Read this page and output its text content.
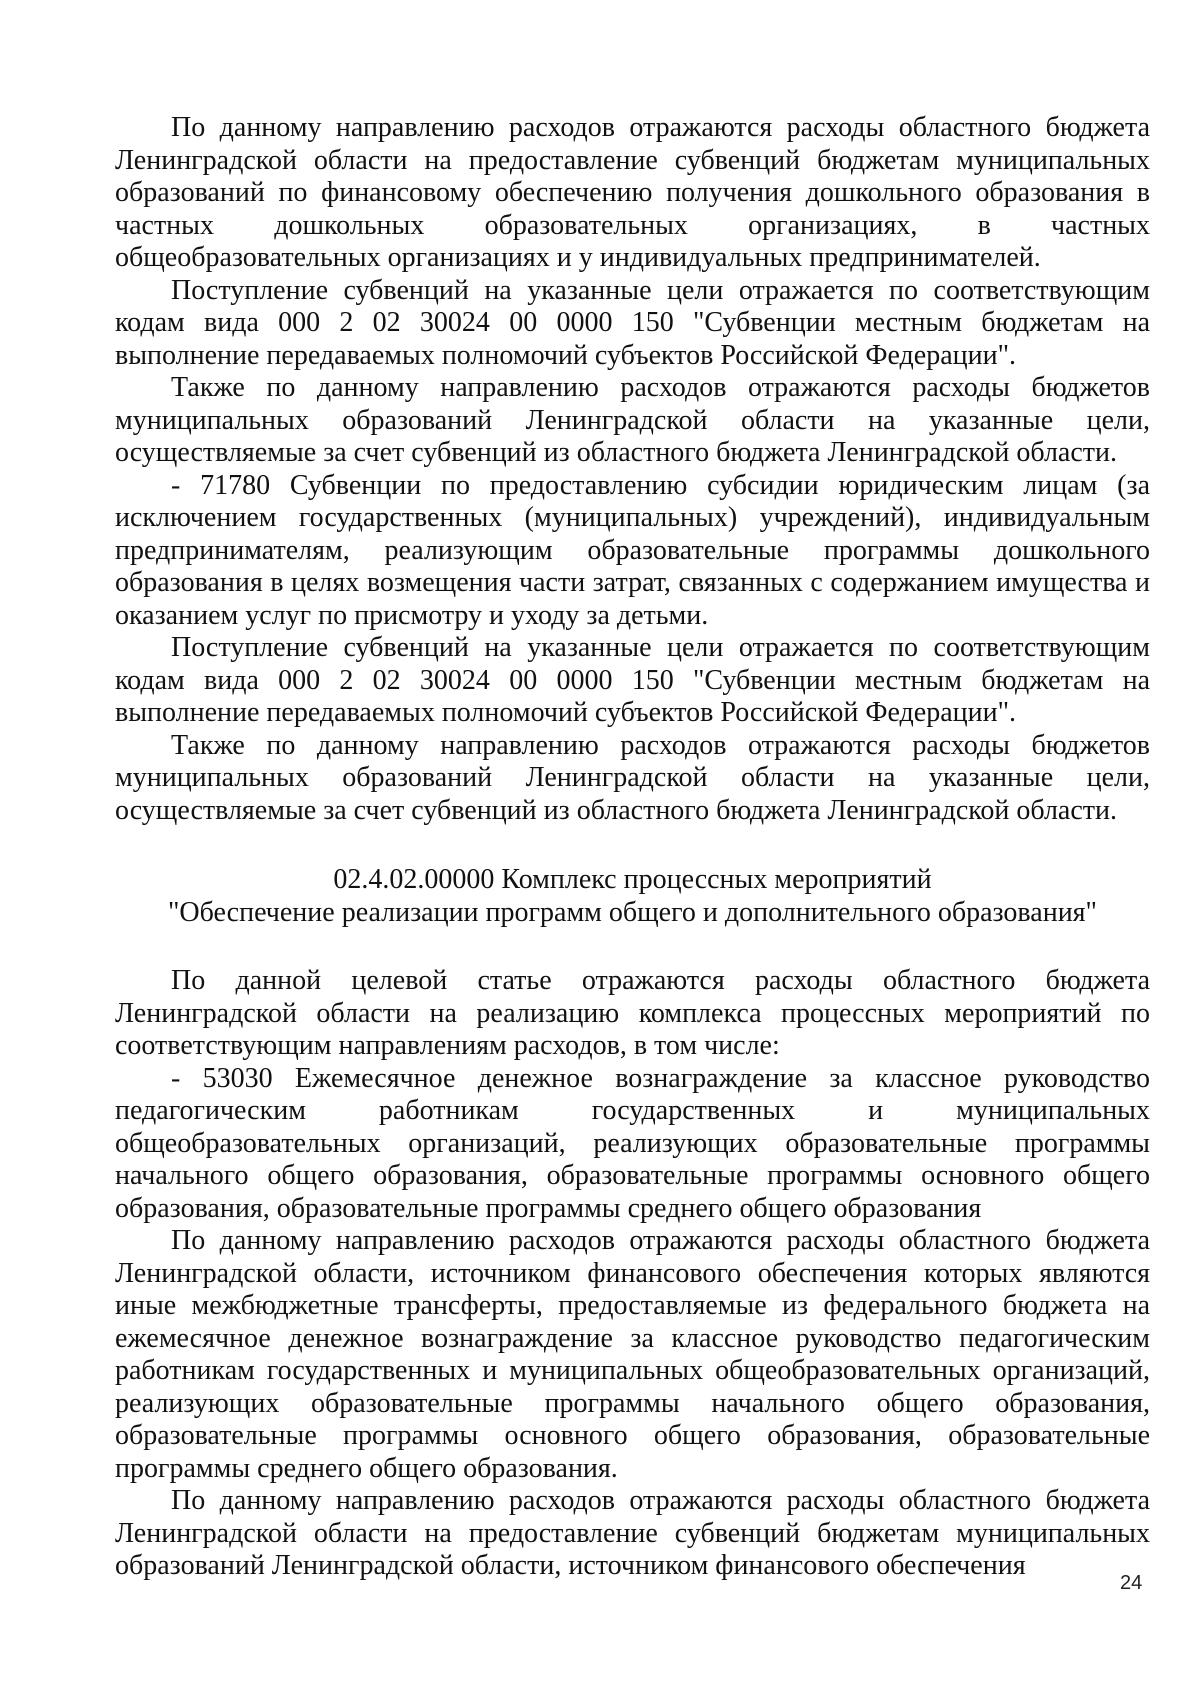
По данному направлению расходов отражаются расходы областного бюджета Ленинградской области на предоставление субвенций бюджетам муниципальных образований по финансовому обеспечению получения дошкольного образования в частных дошкольных образовательных организациях, в частных общеобразовательных организациях и у индивидуальных предпринимателей.

Поступление субвенций на указанные цели отражается по соответствующим кодам вида 000 2 02 30024 00 0000 150 "Субвенции местным бюджетам на выполнение передаваемых полномочий субъектов Российской Федерации".

Также по данному направлению расходов отражаются расходы бюджетов муниципальных образований Ленинградской области на указанные цели, осуществляемые за счет субвенций из областного бюджета Ленинградской области.

- 71780 Субвенции по предоставлению субсидии юридическим лицам (за исключением государственных (муниципальных) учреждений), индивидуальным предпринимателям, реализующим образовательные программы дошкольного образования в целях возмещения части затрат, связанных с содержанием имущества и оказанием услуг по присмотру и уходу за детьми.

Поступление субвенций на указанные цели отражается по соответствующим кодам вида 000 2 02 30024 00 0000 150 "Субвенции местным бюджетам на выполнение передаваемых полномочий субъектов Российской Федерации".

Также по данному направлению расходов отражаются расходы бюджетов муниципальных образований Ленинградской области на указанные цели, осуществляемые за счет субвенций из областного бюджета Ленинградской области.

02.4.02.00000 Комплекс процессных мероприятий
"Обеспечение реализации программ общего и дополнительного образования"

По данной целевой статье отражаются расходы областного бюджета Ленинградской области на реализацию комплекса процессных мероприятий по соответствующим направлениям расходов, в том числе:

- 53030 Ежемесячное денежное вознаграждение за классное руководство педагогическим работникам государственных и муниципальных общеобразовательных организаций, реализующих образовательные программы начального общего образования, образовательные программы основного общего образования, образовательные программы среднего общего образования

По данному направлению расходов отражаются расходы областного бюджета Ленинградской области, источником финансового обеспечения которых являются иные межбюджетные трансферты, предоставляемые из федерального бюджета на ежемесячное денежное вознаграждение за классное руководство педагогическим работникам государственных и муниципальных общеобразовательных организаций, реализующих образовательные программы начального общего образования, образовательные программы основного общего образования, образовательные программы среднего общего образования.

По данному направлению расходов отражаются расходы областного бюджета Ленинградской области на предоставление субвенций бюджетам муниципальных образований Ленинградской области, источником финансового обеспечения

24
